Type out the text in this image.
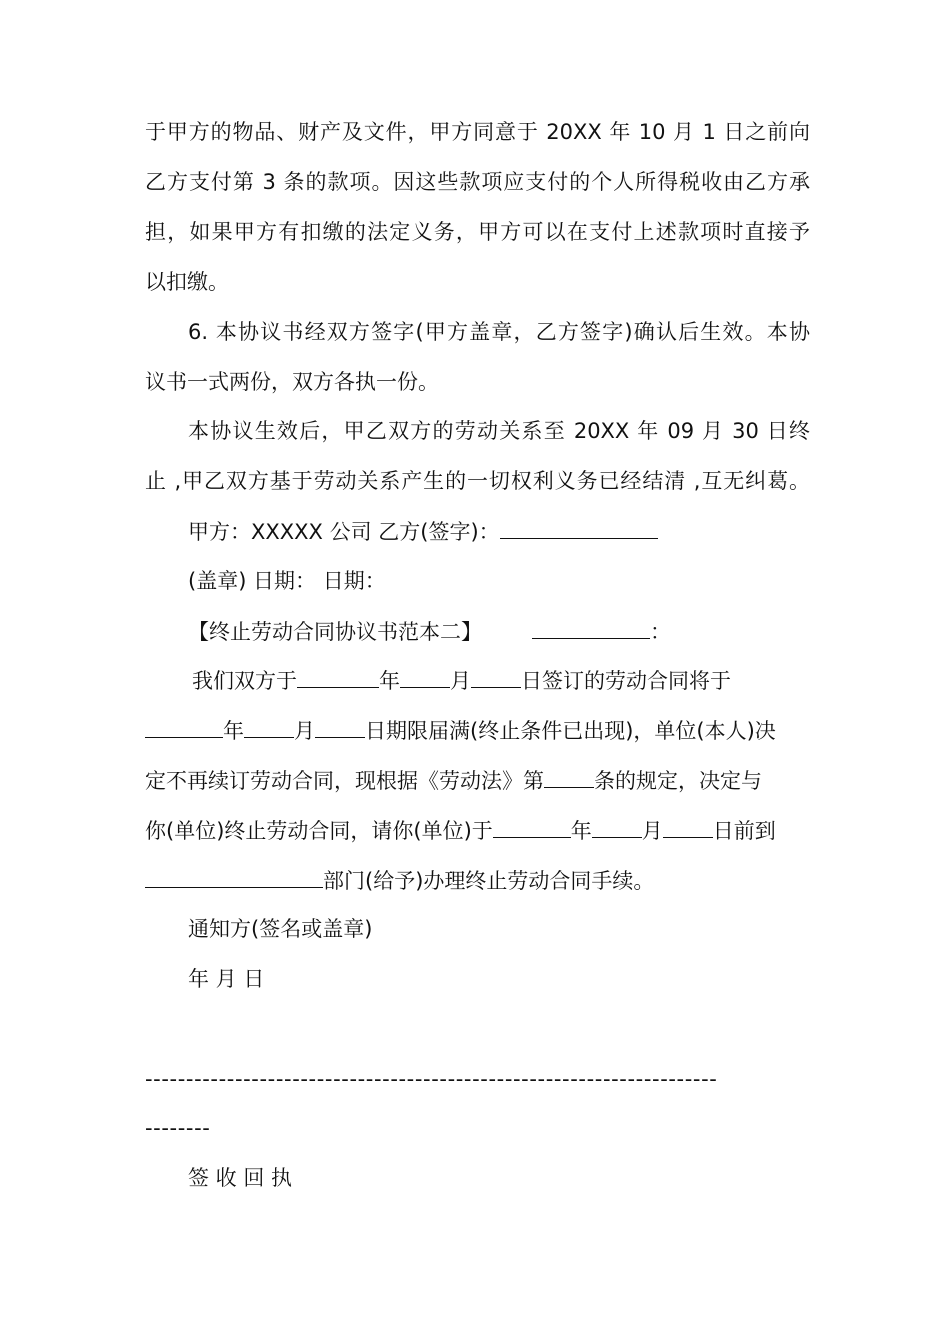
于甲方的物品、财产及文件，甲方同意于 20XX 年 10 月 1 日之前向
乙方支付第 3 条的款项。因这些款项应支付的个人所得税收由乙方承
担，如果甲方有扣缴的法定义务，甲方可以在支付上述款项时直接予
以扣缴。
6. 本协议书经双方签字(甲方盖章，乙方签字)确认后生效。本协
议书一式两份，双方各执一份。
本协议生效后，甲乙双方的劳动关系至 20XX 年 09 月 30 日终
止 ,甲乙双方基于劳动关系产生的一切权利义务已经结清 ,互无纠葛。
甲方：XXXXX 公司 乙方(签字)：
(盖章) 日期： 日期：
【终止劳动合同协议书范本二】	：
我们双方于	年 月 日签订的劳动合同将于
年 月 日期限届满(终止条件已出现)，单位(本人)决
定不再续订劳动合同，现根据《劳动法》第 条的规定，决定与
你(单位)终止劳动合同，请你(单位)于	年 月 日前到
部门(给予)办理终止劳动合同手续。
通知方(签名或盖章)
年 月 日
----------------------------------------------------------------------
--------
签 收 回 执
